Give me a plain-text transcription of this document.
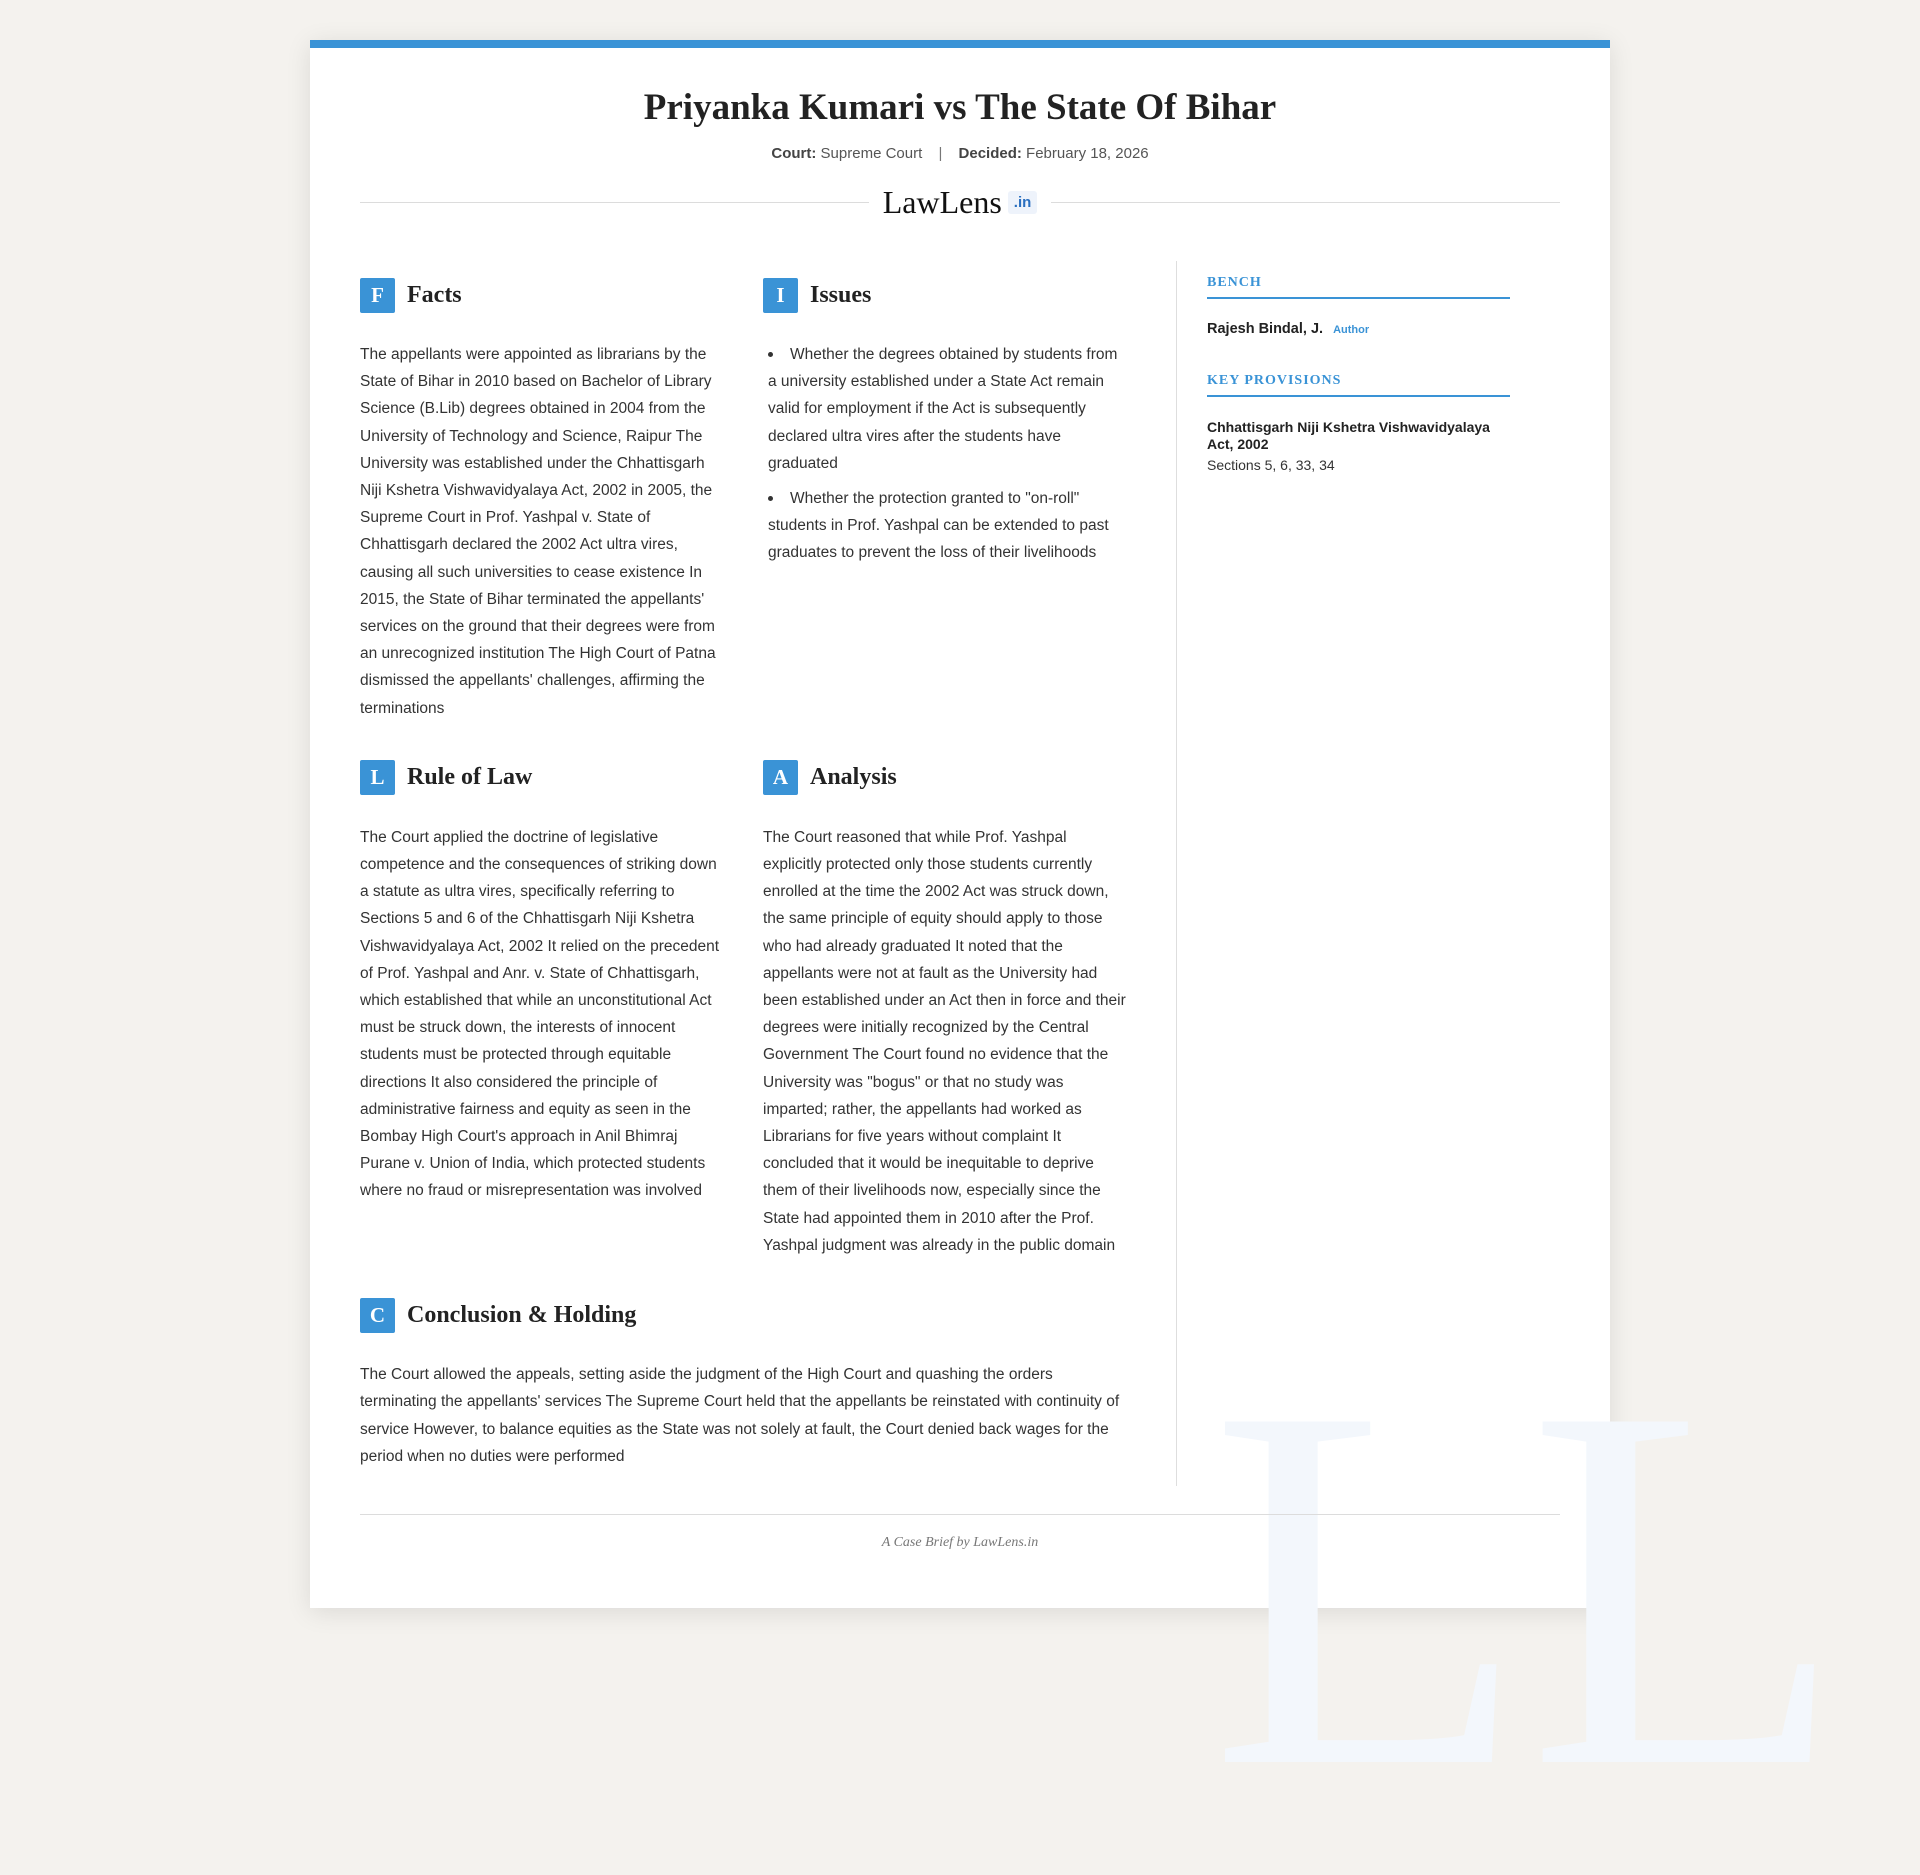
LL
Priyanka Kumari vs The State Of Bihar
Court: Supreme Court | Decided: February 18, 2026
LawLens .in
F Facts

The appellants were appointed as librarians by the State of Bihar in 2010 based on Bachelor of Library Science (B.Lib) degrees obtained in 2004 from the University of Technology and Science, Raipur The University was established under the Chhattisgarh Niji Kshetra Vishwavidyalaya Act, 2002 in 2005, the Supreme Court in Prof. Yashpal v. State of Chhattisgarh declared the 2002 Act ultra vires, causing all such universities to cease existence In 2015, the State of Bihar terminated the appellants' services on the ground that their degrees were from an unrecognized institution The High Court of Patna dismissed the appellants' challenges, affirming the terminations

I	Issues
Whether the degrees obtained by students from a university established under a State Act remain valid for employment if the Act is subsequently declared ultra vires after the students have graduated
Whether the protection granted to "on-roll" students in Prof. Yashpal can be extended to past graduates to prevent the loss of their livelihoods
L Rule of Law

The Court applied the doctrine of legislative competence and the consequences of striking down a statute as ultra vires, specifically referring to Sections 5 and 6 of the Chhattisgarh Niji Kshetra Vishwavidyalaya Act, 2002 It relied on the precedent of Prof. Yashpal and Anr. v. State of Chhattisgarh, which established that while an unconstitutional Act must be struck down, the interests of innocent students must be protected through equitable directions It also considered the principle of administrative fairness and equity as seen in the Bombay High Court's approach in Anil Bhimraj Purane v. Union of India, which protected students where no fraud or misrepresentation was involved

A Analysis

The Court reasoned that while Prof. Yashpal explicitly protected only those students currently enrolled at the time the 2002 Act was struck down, the same principle of equity should apply to those who had already graduated It noted that the appellants were not at fault as the University had been established under an Act then in force and their degrees were initially recognized by the Central Government The Court found no evidence that the University was "bogus" or that no study was imparted; rather, the appellants had worked as Librarians for five years without complaint It concluded that it would be inequitable to deprive them of their livelihoods now, especially since the State had appointed them in 2010 after the Prof. Yashpal judgment was already in the public domain

C Conclusion & Holding

The Court allowed the appeals, setting aside the judgment of the High Court and quashing the orders terminating the appellants' services The Supreme Court held that the appellants be reinstated with continuity of service However, to balance equities as the State was not solely at fault, the Court denied back wages for the period when no duties were performed

BENCH
Rajesh Bindal, J. Author
KEY PROVISIONS
Chhattisgarh Niji Kshetra Vishwavidyalaya Act, 2002
Sections 5, 6, 33, 34
A Case Brief by LawLens.in
